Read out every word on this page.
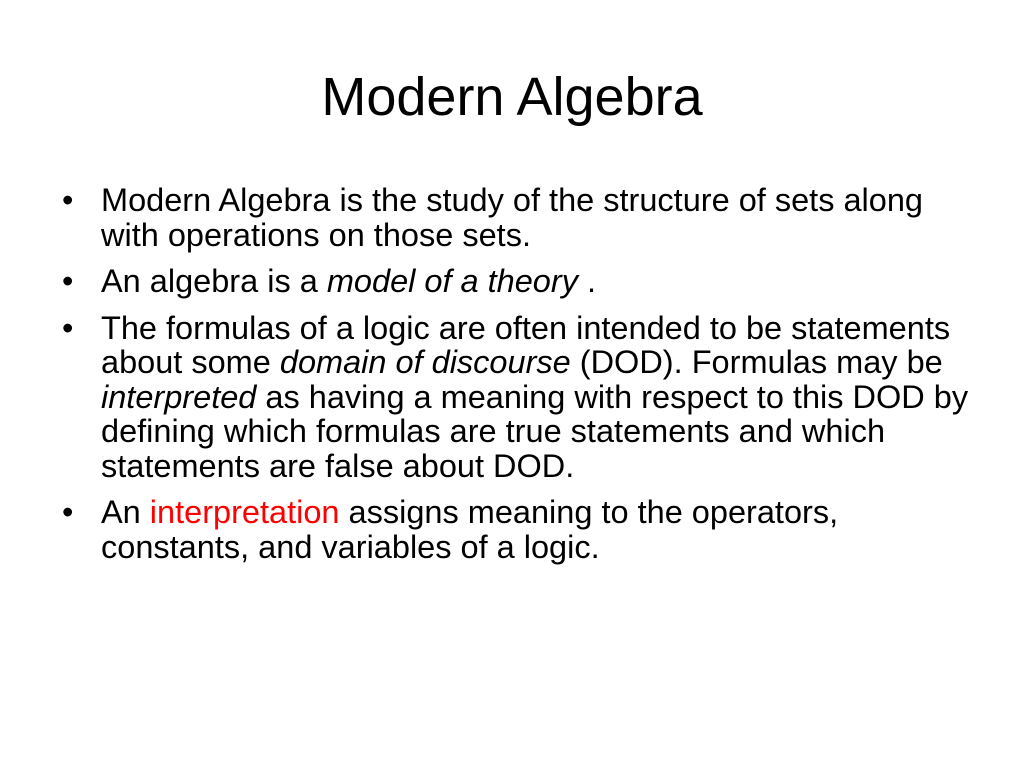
Modern Algebra
• Modern Algebra is the study of the structure of sets along with operations on those sets.
• An algebra is a model of a theory .
• The formulas of a logic are often intended to be statements about some domain of discourse (DOD). Formulas may be interpreted as having a meaning with respect to this DOD by defining which formulas are true statements and which statements are false about DOD.
• An interpretation assigns meaning to the operators, constants, and variables of a logic.
